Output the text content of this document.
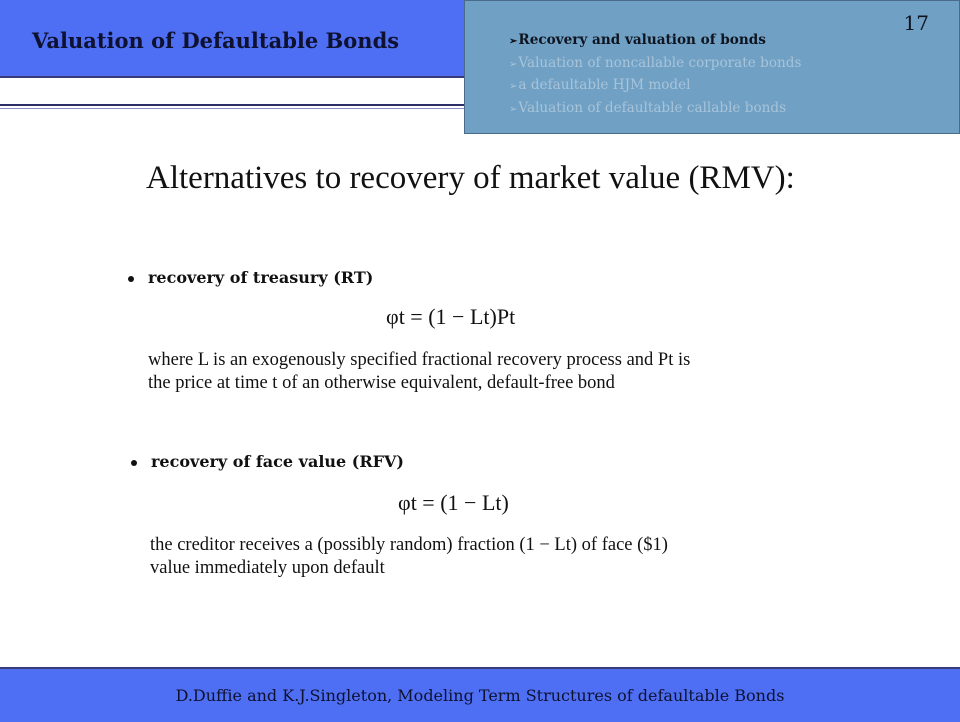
Valuation of Defaultable Bonds
17
➢Recovery and valuation of bonds
➢Valuation of noncallable corporate bonds
➢a defaultable HJM model
➢Valuation of defaultable callable bonds
Alternatives to recovery of market value (RMV):
recovery of treasury (RT)
φt = (1 − Lt)Pt
where L is an exogenously specified fractional recovery process and Pt is
the price at time t of an otherwise equivalent, default-free bond
recovery of face value (RFV)
φt = (1 − Lt)
the creditor receives a (possibly random) fraction (1 − Lt) of face ($1)
value immediately upon default
D.Duffie and K.J.Singleton, Modeling Term Structures of defaultable Bonds
